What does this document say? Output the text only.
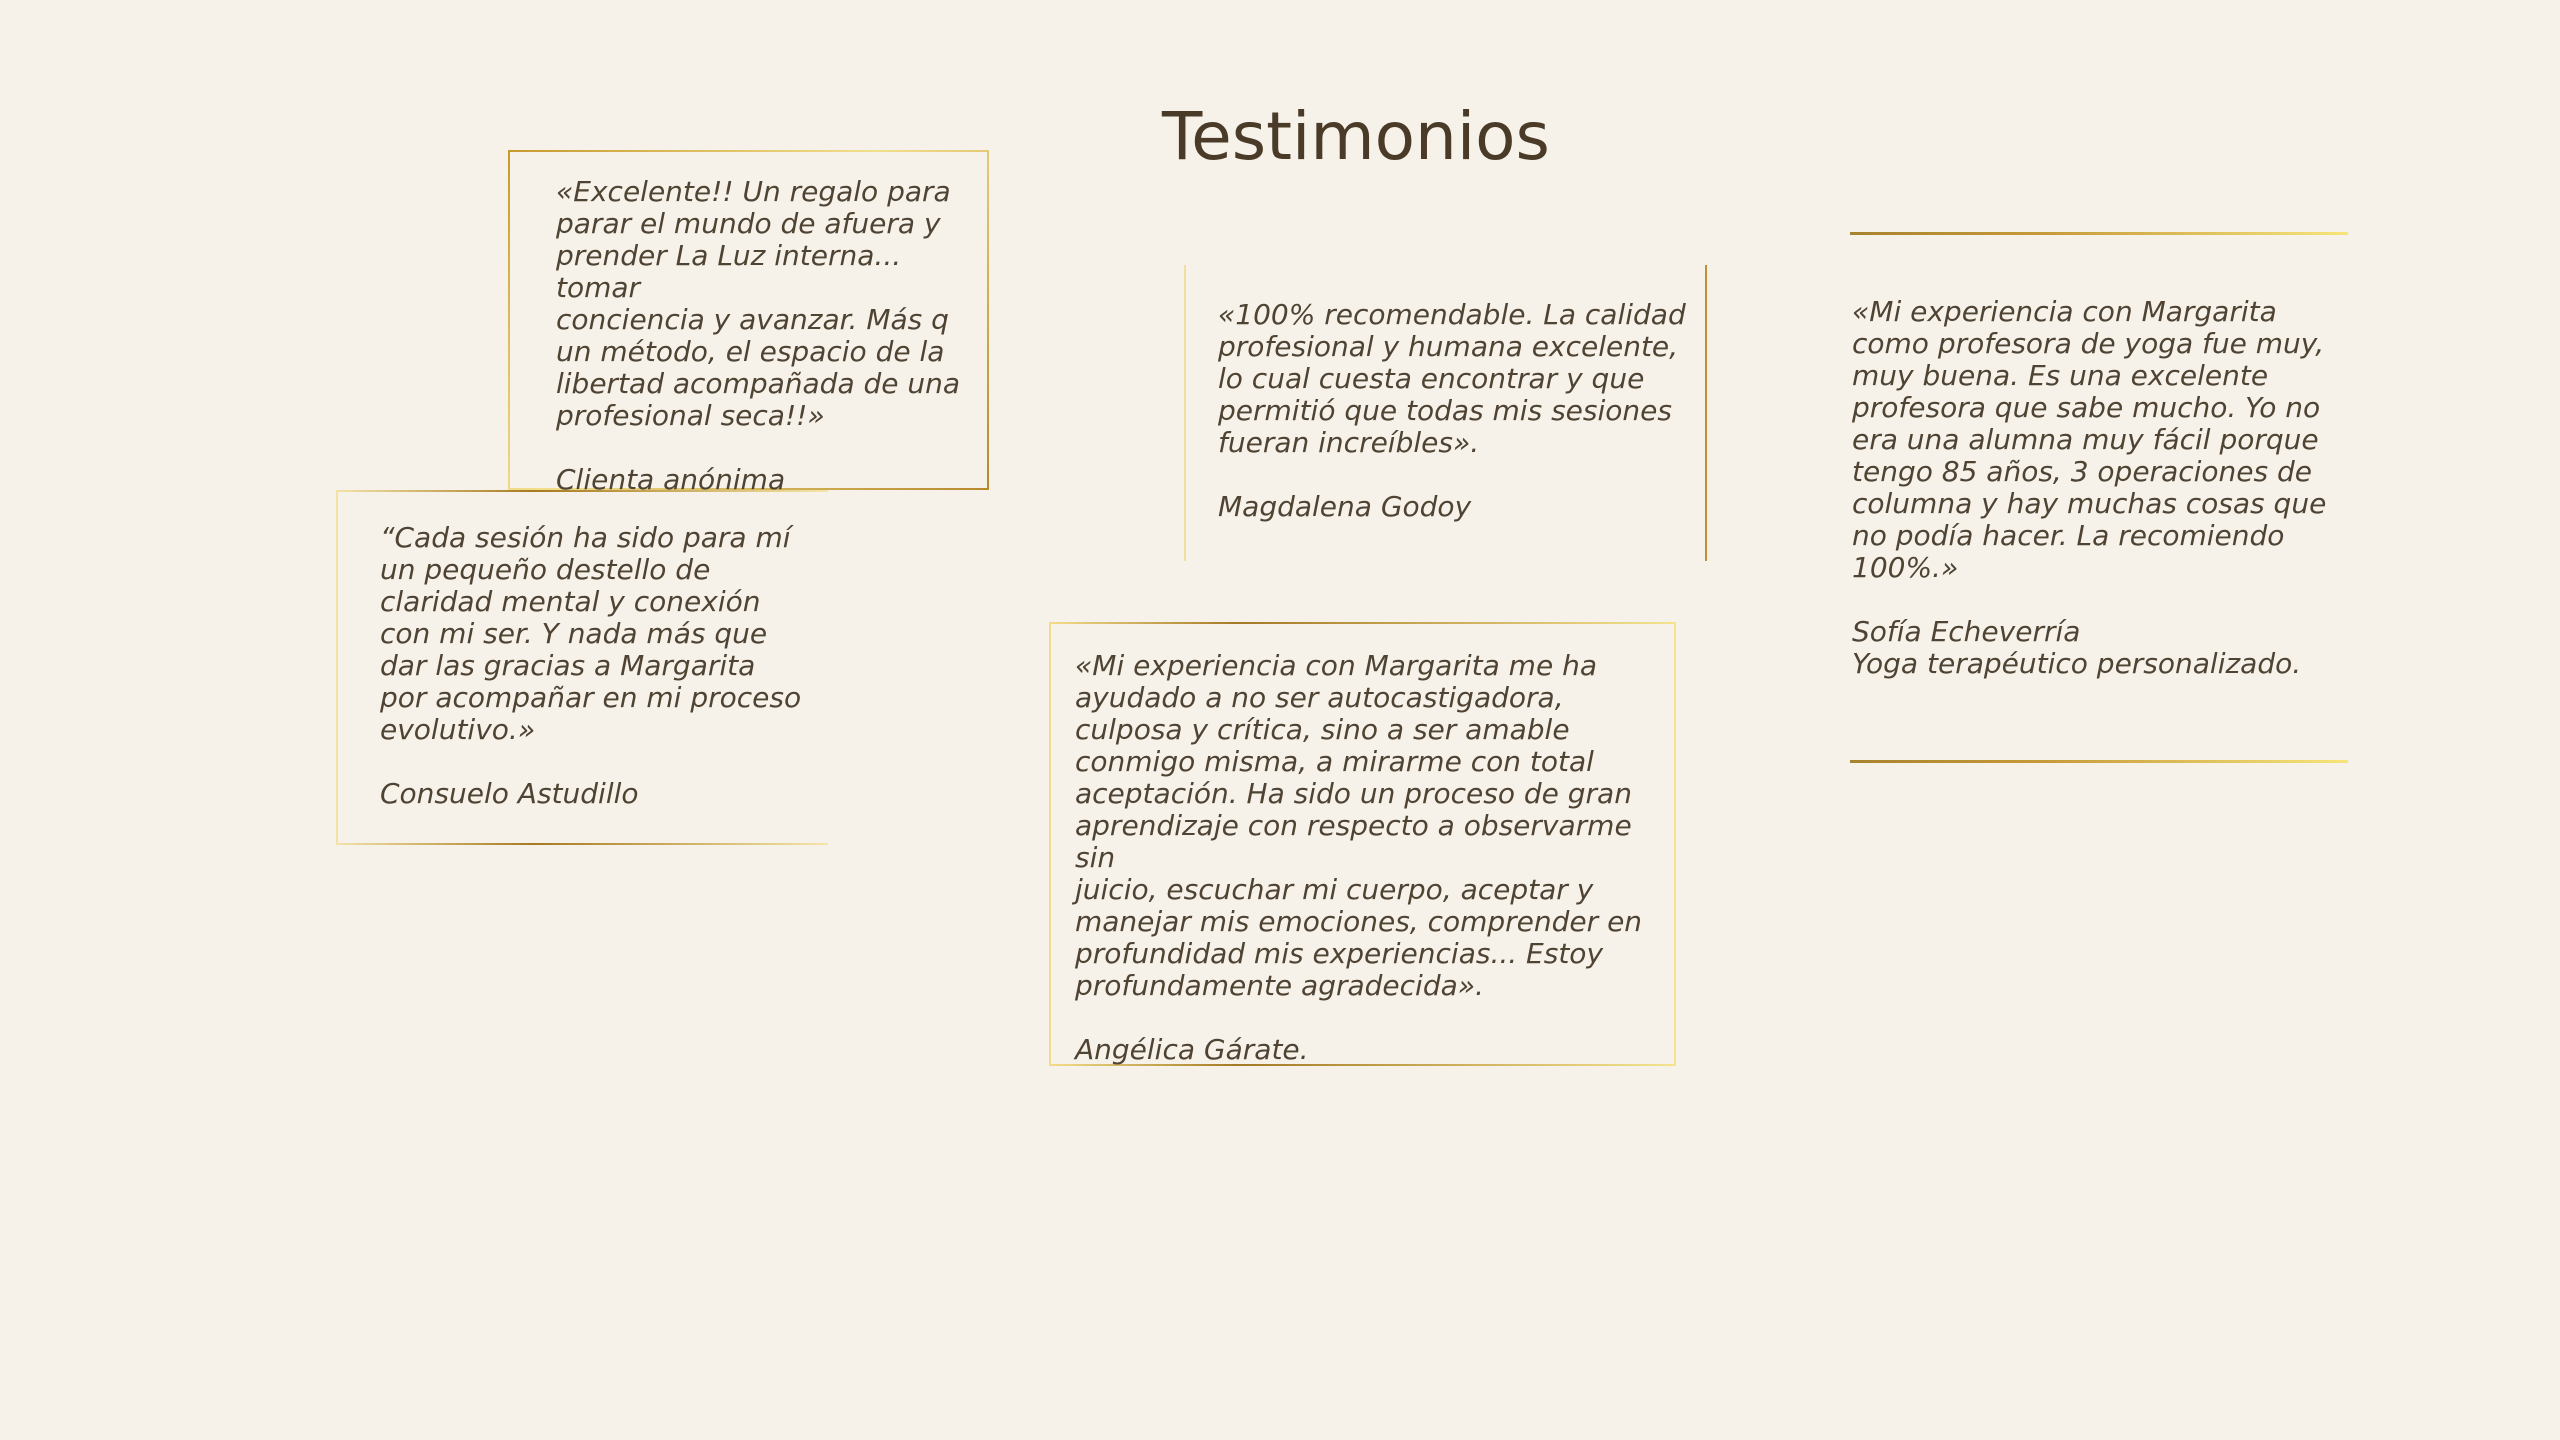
Testimonios

«Excelente!! Un regalo para
parar el mundo de afuera y
prender La Luz interna... tomar
conciencia y avanzar. Más q
un método, el espacio de la
libertad acompañada de una
profesional seca!!»

Clienta anónima

“Cada sesión ha sido para mí
un pequeño destello de
claridad mental y conexión
con mi ser. Y nada más que
dar las gracias a Margarita
por acompañar en mi proceso
evolutivo.»

Consuelo Astudillo

«100% recomendable. La calidad
profesional y humana excelente,
lo cual cuesta encontrar y que
permitió que todas mis sesiones
fueran increíbles».

Magdalena Godoy

«Mi experiencia con Margarita me ha
ayudado a no ser autocastigadora,
culposa y crítica, sino a ser amable
conmigo misma, a mirarme con total
aceptación. Ha sido un proceso de gran
aprendizaje con respecto a observarme sin
juicio, escuchar mi cuerpo, aceptar y
manejar mis emociones, comprender en
profundidad mis experiencias... Estoy
profundamente agradecida».

Angélica Gárate.

«Mi experiencia con Margarita
como profesora de yoga fue muy,
muy buena. Es una excelente
profesora que sabe mucho. Yo no
era una alumna muy fácil porque
tengo 85 años, 3 operaciones de
columna y hay muchas cosas que
no podía hacer. La recomiendo
100%.»

Sofía Echeverría

Yoga terapéutico personalizado.
